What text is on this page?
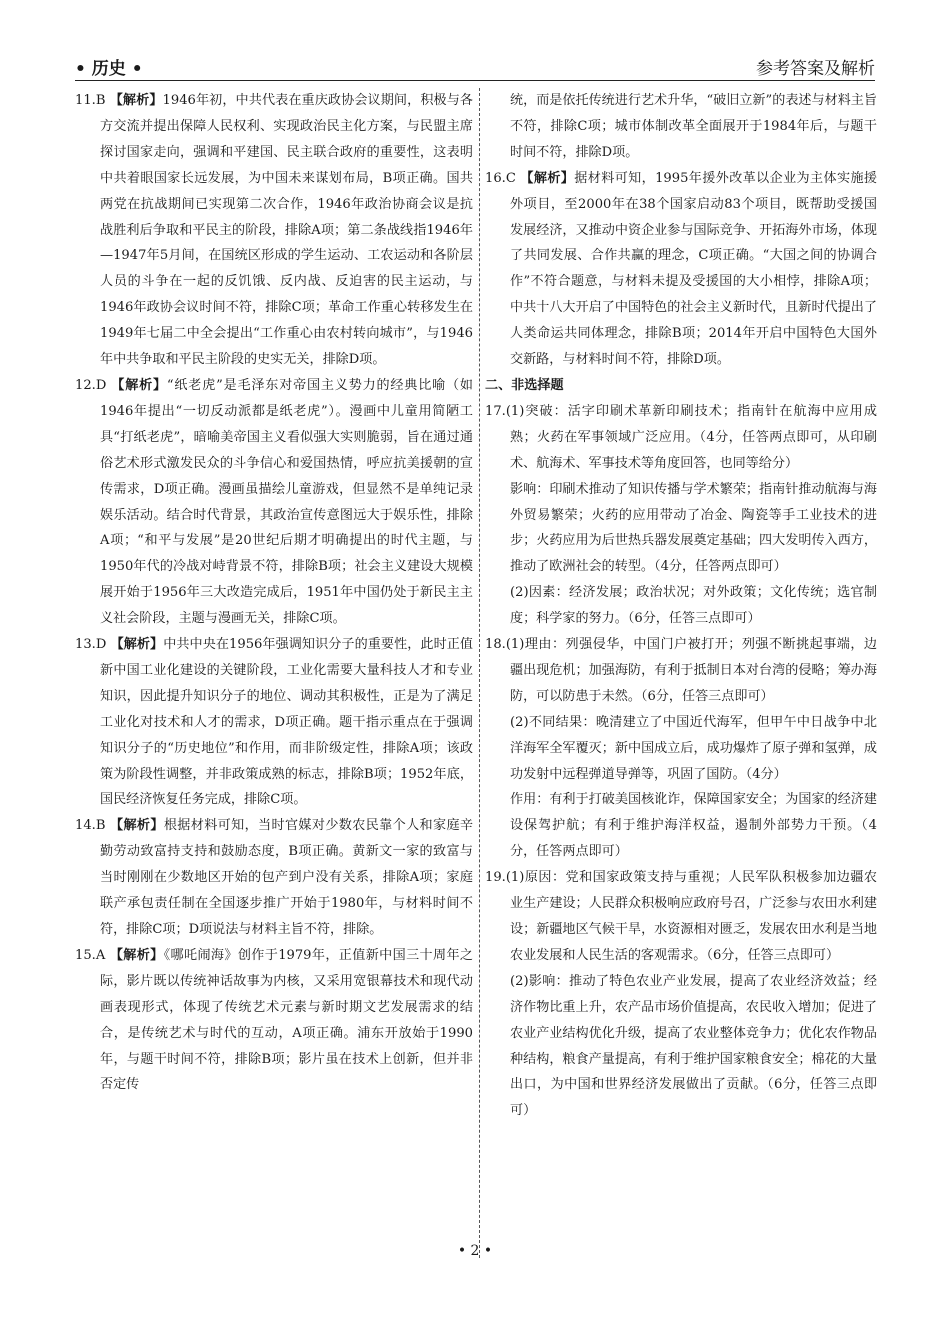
• 历史 •	参考答案及解析

11.B 【解析】1946年初，中共代表在重庆政协会议期间，积极与各方交流并提出保障人民权利、实现政治民主化方案，与民盟主席探讨国家走向，强调和平建国、民主联合政府的重要性，这表明中共着眼国家长远发展，为中国未来谋划布局，B项正确。国共两党在抗战期间已实现第二次合作，1946年政治协商会议是抗战胜利后争取和平民主的阶段，排除A项；第二条战线指1946年—1947年5月间，在国统区形成的学生运动、工农运动和各阶层人员的斗争在一起的反饥饿、反内战、反迫害的民主运动，与1946年政协会议时间不符，排除C项；革命工作重心转移发生在1949年七届二中全会提出“工作重心由农村转向城市”，与1946年中共争取和平民主阶段的史实无关，排除D项。

12.D 【解析】“纸老虎”是毛泽东对帝国主义势力的经典比喻（如1946年提出“一切反动派都是纸老虎”）。漫画中儿童用简陋工具“打纸老虎”，暗喻美帝国主义看似强大实则脆弱，旨在通过通俗艺术形式激发民众的斗争信心和爱国热情，呼应抗美援朝的宣传需求，D项正确。漫画虽描绘儿童游戏，但显然不是单纯记录娱乐活动。结合时代背景，其政治宣传意图远大于娱乐性，排除A项；“和平与发展”是20世纪后期才明确提出的时代主题，与1950年代的冷战对峙背景不符，排除B项；社会主义建设大规模展开始于1956年三大改造完成后，1951年中国仍处于新民主主义社会阶段，主题与漫画无关，排除C项。

13.D 【解析】中共中央在1956年强调知识分子的重要性，此时正值新中国工业化建设的关键阶段，工业化需要大量科技人才和专业知识，因此提升知识分子的地位、调动其积极性，正是为了满足工业化对技术和人才的需求，D项正确。题干指示重点在于强调知识分子的“历史地位”和作用，而非阶级定性，排除A项；该政策为阶段性调整，并非政策成熟的标志，排除B项；1952年底，国民经济恢复任务完成，排除C项。

14.B 【解析】根据材料可知，当时官媒对少数农民靠个人和家庭辛勤劳动致富持支持和鼓励态度，B项正确。黄新文一家的致富与当时刚刚在少数地区开始的包产到户没有关系，排除A项；家庭联产承包责任制在全国逐步推广开始于1980年，与材料时间不符，排除C项；D项说法与材料主旨不符，排除。

15.A 【解析】《哪吒闹海》创作于1979年，正值新中国三十周年之际，影片既以传统神话故事为内核，又采用宽银幕技术和现代动画表现形式，体现了传统艺术元素与新时期文艺发展需求的结合，是传统艺术与时代的互动，A项正确。浦东开放始于1990年，与题干时间不符，排除B项；影片虽在技术上创新，但并非否定传

统，而是依托传统进行艺术升华，“破旧立新”的表述与材料主旨不符，排除C项；城市体制改革全面展开于1984年后，与题干时间不符，排除D项。

16.C 【解析】据材料可知，1995年援外改革以企业为主体实施援外项目，至2000年在38个国家启动83个项目，既帮助受援国发展经济，又推动中资企业参与国际竞争、开拓海外市场，体现了共同发展、合作共赢的理念，C项正确。“大国之间的协调合作”不符合题意，与材料未提及受援国的大小相悖，排除A项；中共十八大开启了中国特色的社会主义新时代，且新时代提出了人类命运共同体理念，排除B项；2014年开启中国特色大国外交新路，与材料时间不符，排除D项。

二、非选择题

17.(1)突破：活字印刷术革新印刷技术；指南针在航海中应用成熟；火药在军事领域广泛应用。（4分，任答两点即可，从印刷术、航海术、军事技术等角度回答，也同等给分）

影响：印刷术推动了知识传播与学术繁荣；指南针推动航海与海外贸易繁荣；火药的应用带动了冶金、陶瓷等手工业技术的进步；火药应用为后世热兵器发展奠定基础；四大发明传入西方，推动了欧洲社会的转型。（4分，任答两点即可）

(2)因素：经济发展；政治状况；对外政策；文化传统；选官制度；科学家的努力。（6分，任答三点即可）

18.(1)理由：列强侵华，中国门户被打开；列强不断挑起事端，边疆出现危机；加强海防，有利于抵制日本对台湾的侵略；筹办海防，可以防患于未然。（6分，任答三点即可）

(2)不同结果：晚清建立了中国近代海军，但甲午中日战争中北洋海军全军覆灭；新中国成立后，成功爆炸了原子弹和氢弹，成功发射中远程弹道导弹等，巩固了国防。（4分）

作用：有利于打破美国核讹诈，保障国家安全；为国家的经济建设保驾护航；有利于维护海洋权益，遏制外部势力干预。（4分，任答两点即可）

19.(1)原因：党和国家政策支持与重视；人民军队积极参加边疆农业生产建设；人民群众积极响应政府号召，广泛参与农田水利建设；新疆地区气候干旱，水资源相对匮乏，发展农田水利是当地农业发展和人民生活的客观需求。（6分，任答三点即可）

(2)影响：推动了特色农业产业发展，提高了农业经济效益；经济作物比重上升，农产品市场价值提高，农民收入增加；促进了农业产业结构优化升级，提高了农业整体竞争力；优化农作物品种结构，粮食产量提高，有利于维护国家粮食安全；棉花的大量出口，为中国和世界经济发展做出了贡献。（6分，任答三点即可）

• 2 •
